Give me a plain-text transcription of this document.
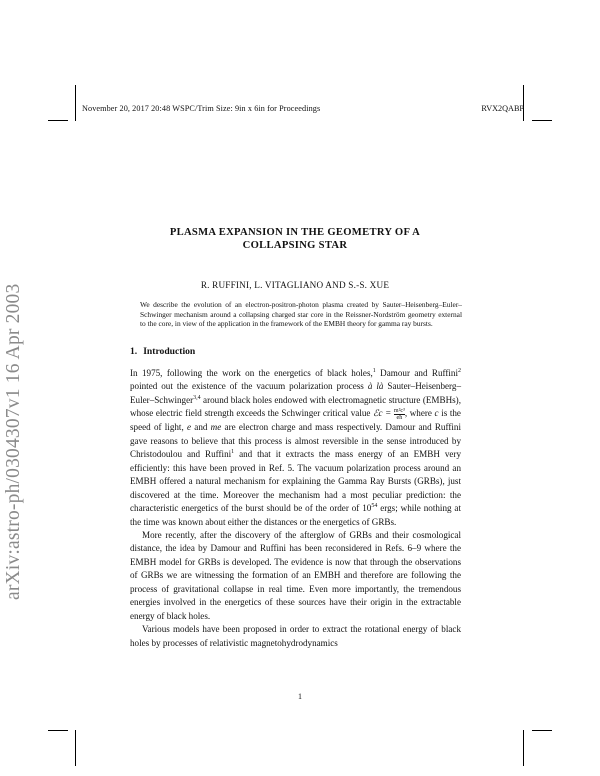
November 20, 2017 20:48 WSPC/Trim Size: 9in x 6in for Proceedings	RVX2QABP
arXiv:astro-ph/0304307v1 16 Apr 2003
PLASMA EXPANSION IN THE GEOMETRY OF A
COLLAPSING STAR
R. RUFFINI, L. VITAGLIANO AND S.-S. XUE

We describe the evolution of an electron-positron-photon plasma created by Sauter–Heisenberg–Euler–Schwinger mechanism around a collapsing charged star core in the Reissner-Nordström geometry external to the core, in view of the application in the framework of the EMBH theory for gamma ray bursts.

1. Introduction

In 1975, following the work on the energetics of black holes,$^1$ Damour and Ruffini$^2$ pointed out the existence of the vacuum polarization process à là Sauter–Heisenberg–Euler–Schwinger$^{3,4}$ around black holes endowed with electromagnetic structure (EMBHs), whose electric field strength exceeds the Schwinger critical value ℰc = $\frac{\text{m²c³}}{eħ}$ , where c is the speed of light, e and me are electron charge and mass respectively. Damour and Ruffini gave reasons to believe that this process is almost reversible in the sense introduced by Christodoulou and Ruffini$^1$ and that it extracts the mass energy of an EMBH very efficiently: this have been proved in Ref. 5. The vacuum polarization process around an EMBH offered a natural mechanism for explaining the Gamma Ray Bursts (GRBs), just discovered at the time. Moreover the mechanism had a most peculiar prediction: the characteristic energetics of the burst should be of the order of $10^{54}$ ergs; while nothing at the time was known about either the distances or the energetics of GRBs.

More recently, after the discovery of the afterglow of GRBs and their cosmological distance, the idea by Damour and Ruffini has been reconsidered in Refs. 6–9 where the EMBH model for GRBs is developed. The evidence is now that through the observations of GRBs we are witnessing the formation of an EMBH and therefore are following the process of gravitational collapse in real time. Even more importantly, the tremendous energies involved in the energetics of these sources have their origin in the extractable energy of black holes.

Various models have been proposed in order to extract the rotational energy of black holes by processes of relativistic magnetohydrodynamics

1
